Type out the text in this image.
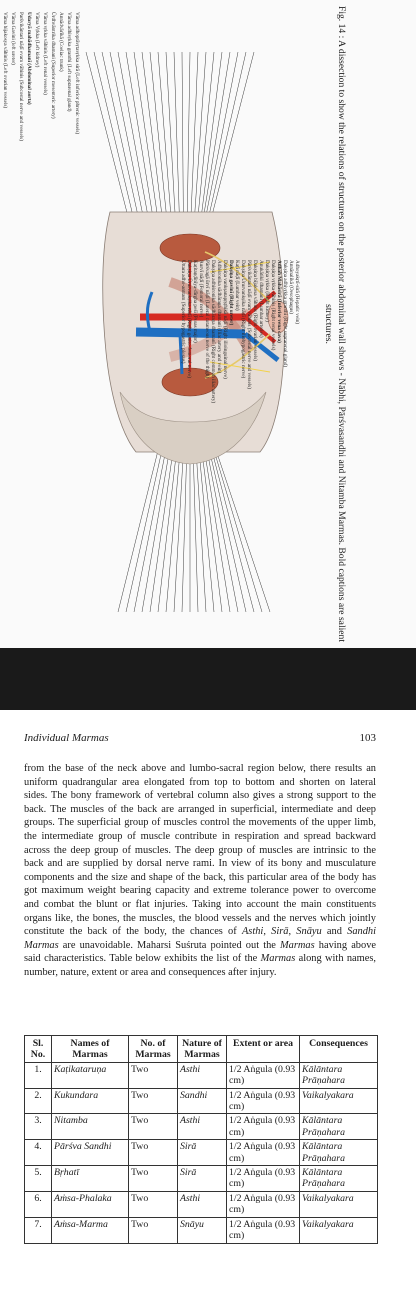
Vāma adhoprāvṛtavṛkka sirā (Left inferior phrenic vessels)
Vāma adhivṛkka granthi (Left suprarenal gland)
Annādvārīkā (Coeliac trunk)
Ūrdhvāntrika dhamani (Superior mesenteric artery)
Vāma vṛkka vāhinis (Left renal vessels)
Vāma Vṛkka (Left kidney)
Udaryā mahādhamanī (Abdominal aorta)
Paršvikāntari nāḍī evam vāhinis (Subcostal nerve and vessels)
Vāma Gavini (left ureter)
Vāma bijakosya vāhinis (Left ovarian vessels)
Adhoyakṛtī-sirā (Hepatic vein)
Annānalikā (Oesophagus)
Dakṣiṇa adhivṛkka granthi (Right suprarenal gland)
Adhah Mahāsirā (Inferior vena cava)
Dakṣiṇa vṛkka vāhinis (Right renal vessels)
Dakṣiṇa vṛkka (Right kidney)
Anukātiki dhamani (Lumbar arteries)
Dakṣiṇa bījakosa vāhinis (Right ovarian vessels)
Pārśvikāntari nāḍī evam vāhinis (Subcostal nerve and vessels)
Dakṣiṇa Ūrurvankṣika nāḍī (Right iliohypogastric nerve)
Kaṭī nāḍī (Lumbar vein)
Dakṣiṇa gavinī (Right ureter)
Dakṣiṇa vankṣanapṛṣṭhikā nāḍī (Right ilioinguinal nerve)
Adhiśronika sādhāraṇa dhamani (Iliac artery and vein)
Dakṣiṇa adhiśronika sādhāraṇa dhamanī (Right common iliac artery)
Pārśvagā ūrvī nāḍī (Lateral cutaneous nerve of the thigh)
Aurvī nāḍī (Femoral nerve)
Kaṭitaṇḍīnīya-dīrgha peśī (Psoas major)
Dakṣiṇa Ūrurvankṣika nāḍī (Right genito-femoral nerve)
Uttara adho-antram (Superior hypogastric plexus)	Fig. 14 : A dissection to show the relations of structures on the posterior abdominal wall shows - Nābhi, Pārśvasandhi and Nitamba Marmas. Bold captions are salient structures.
Individual Marmas	103

from the base of the neck above and lumbo-sacral region below, there results an uniform quadrangular area elongated from top to bottom and shorten on lateral sides. The bony framework of vertebral column also gives a strong support to the back. The muscles of the back are arranged in superficial, intermediate and deep groups. The superficial group of muscles control the movements of the upper limb, the intermediate group of muscle contribute in respiration and spread backward across the deep group of muscles. The deep group of muscles are intrinsic to the back and are supplied by dorsal nerve rami. In view of its bony and musculature components and the size and shape of the back, this particular area of the body has got maximum weight bearing capacity and extreme tolerance power to overcome and combat the blunt or flat injuries. Taking into account the main constituents organs like, the bones, the muscles, the blood vessels and the nerves which jointly constitute the back of the body, the chances of Asthi, Sirā, Snāyu and Sandhi Marmas are unavoidable. Maharsi Suśruta pointed out the Marmas having above said characteristics. Table below exhibits the list of the Marmas along with names, number, nature, extent or area and consequences after injury.

Sl. No.	Names of Marmas	No. of Marmas	Nature of Marmas	Extent or area	Consequences
1.	Kaṭikataruṇa	Two	Asthi	1/2 Aṅgula (0.93 cm)	Kālāntara Prāṇahara
2.	Kukundara	Two	Sandhi	1/2 Aṅgula (0.93 cm)	Vaikalyakara
3.	Nitamba	Two	Asthi	1/2 Aṅgula (0.93 cm)	Kālāntara Prāṇahara
4.	Pārśva Sandhi	Two	Sirā	1/2 Aṅgula (0.93 cm)	Kālāntara Prāṇahara
5.	Bṛhatī	Two	Sirā	1/2 Aṅgula (0.93 cm)	Kālāntara Prāṇahara
6.	Aṁsa-Phalaka	Two	Asthi	1/2 Aṅgula (0.93 cm)	Vaikalyakara
7.	Aṁsa-Marma	Two	Snāyu	1/2 Aṅgula (0.93 cm)	Vaikalyakara
